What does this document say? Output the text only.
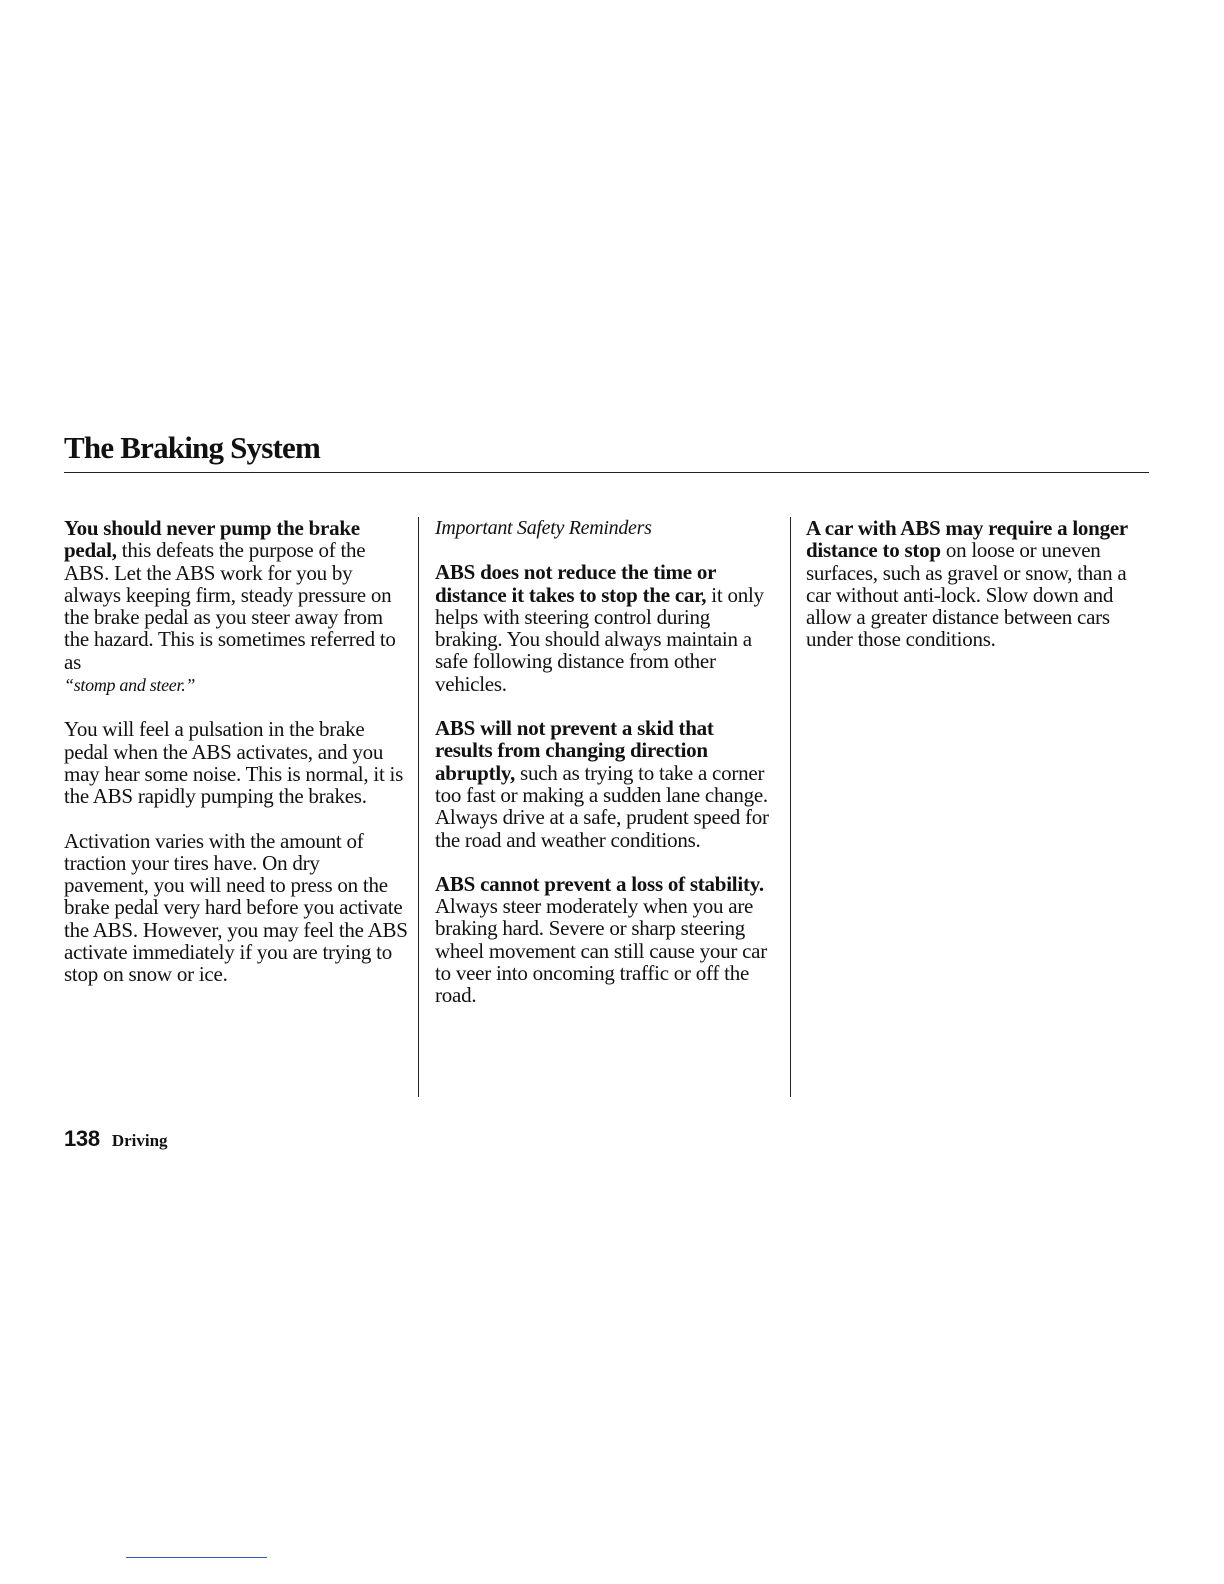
The Braking System

You should never pump the brake pedal, this defeats the purpose of the ABS. Let the ABS work for you by always keeping firm, steady pressure on the brake pedal as you steer away from the hazard. This is sometimes referred to as
“stomp and steer.”

You will feel a pulsation in the brake pedal when the ABS activates, and you may hear some noise. This is normal, it is the ABS rapidly pumping the brakes.

Activation varies with the amount of traction your tires have. On dry pavement, you will need to press on the brake pedal very hard before you activate the ABS. However, you may feel the ABS activate immediately if you are trying to stop on snow or ice.

Important Safety Reminders

ABS does not reduce the time or distance it takes to stop the car, it only helps with steering control during braking. You should always maintain a safe following distance from other vehicles.

ABS will not prevent a skid that results from changing direction abruptly, such as trying to take a corner too fast or making a sudden lane change. Always drive at a safe, prudent speed for the road and weather conditions.

ABS cannot prevent a loss of stability. Always steer moderately when you are braking hard. Severe or sharp steering wheel movement can still cause your car to veer into oncoming traffic or off the road.

A car with ABS may require a longer distance to stop on loose or uneven surfaces, such as gravel or snow, than a car without anti-lock. Slow down and allow a greater distance between cars under those conditions.

138 Driving
